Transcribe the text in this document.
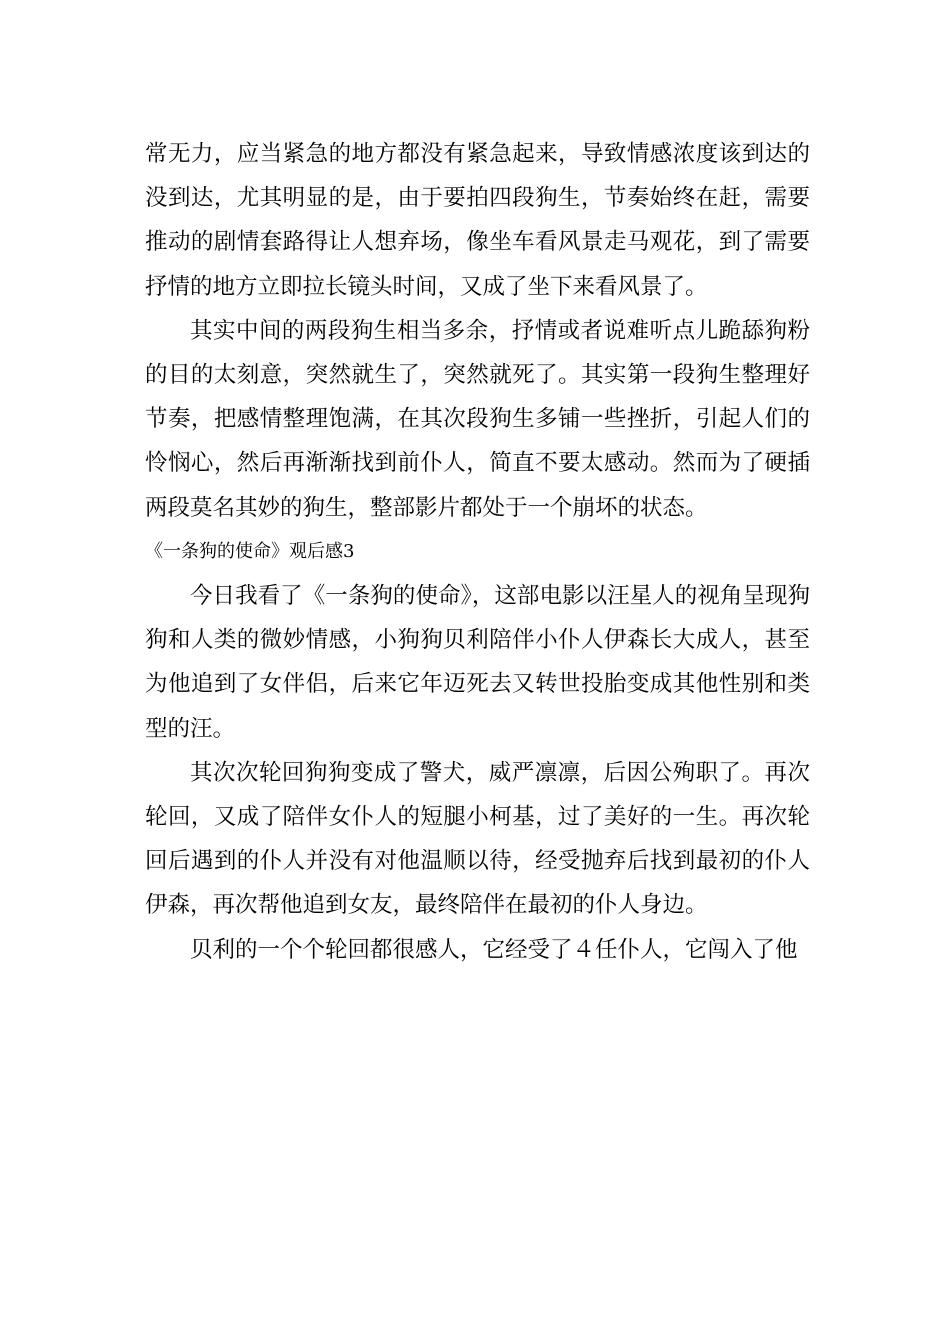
常无力，应当紧急的地方都没有紧急起来，导致情感浓度该到达的没到达，尤其明显的是，由于要拍四段狗生，节奏始终在赶，需要推动的剧情套路得让人想弃场，像坐车看风景走马观花，到了需要抒情的地方立即拉长镜头时间，又成了坐下来看风景了。

其实中间的两段狗生相当多余，抒情或者说难听点儿跪舔狗粉的目的太刻意，突然就生了，突然就死了。其实第一段狗生整理好节奏，把感情整理饱满，在其次段狗生多铺一些挫折，引起人们的怜悯心，然后再渐渐找到前仆人，简直不要太感动。然而为了硬插两段莫名其妙的狗生，整部影片都处于一个崩坏的状态。

《一条狗的使命》观后感3

今日我看了《一条狗的使命》，这部电影以汪星人的视角呈现狗狗和人类的微妙情感，小狗狗贝利陪伴小仆人伊森长大成人，甚至为他追到了女伴侣，后来它年迈死去又转世投胎变成其他性别和类型的汪。

其次次轮回狗狗变成了警犬，威严凛凛，后因公殉职了。再次轮回，又成了陪伴女仆人的短腿小柯基，过了美好的一生。再次轮回后遇到的仆人并没有对他温顺以待，经受抛弃后找到最初的仆人伊森，再次帮他追到女友，最终陪伴在最初的仆人身边。

贝利的一个个轮回都很感人，它经受了４任仆人，它闯入了他
